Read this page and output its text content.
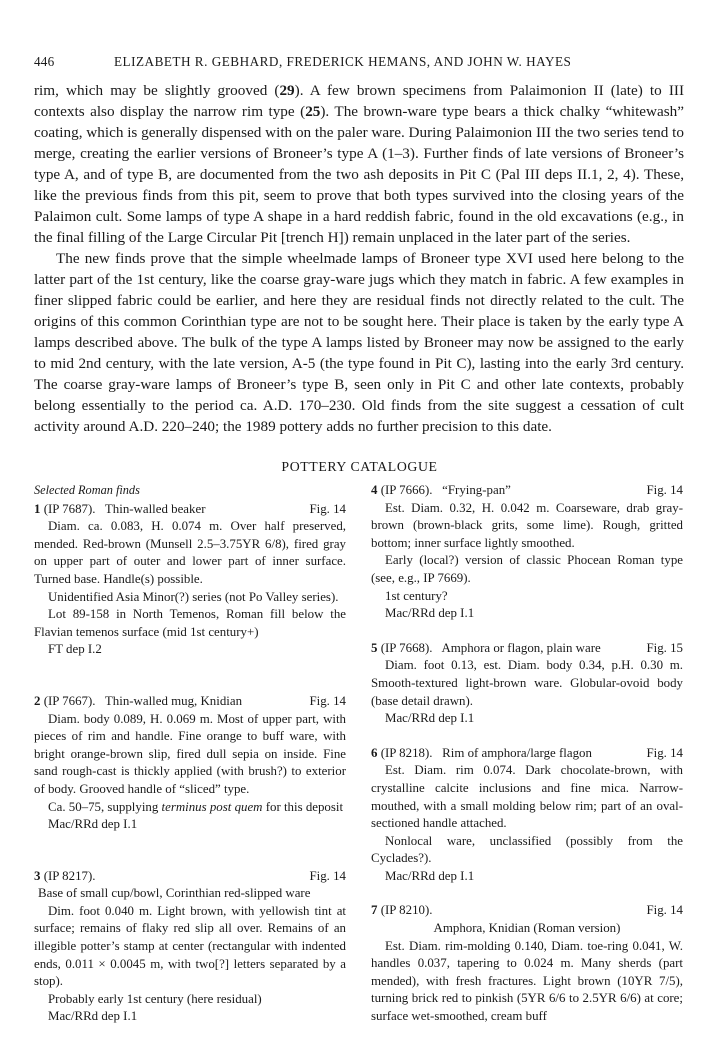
446	ELIZABETH R. GEBHARD, FREDERICK HEMANS, AND JOHN W. HAYES

rim, which may be slightly grooved (29). A few brown specimens from Palaimonion II (late) to III contexts also display the narrow rim type (25). The brown-ware type bears a thick chalky “whitewash” coating, which is generally dispensed with on the paler ware. During Palaimonion III the two series tend to merge, creating the earlier versions of Broneer’s type A (1–3). Further finds of late versions of Broneer’s type A, and of type B, are documented from the two ash deposits in Pit C (Pal III deps II.1, 2, 4). These, like the previous finds from this pit, seem to prove that both types survived into the closing years of the Palaimon cult. Some lamps of type A shape in a hard reddish fabric, found in the old excavations (e.g., in the final filling of the Large Circular Pit [trench H]) remain unplaced in the later part of the series.

The new finds prove that the simple wheelmade lamps of Broneer type XVI used here belong to the latter part of the 1st century, like the coarse gray-ware jugs which they match in fabric. A few examples in finer slipped fabric could be earlier, and here they are residual finds not directly related to the cult. The origins of this common Corinthian type are not to be sought here. Their place is taken by the early type A lamps described above. The bulk of the type A lamps listed by Broneer may now be assigned to the early to mid 2nd century, with the late version, A-5 (the type found in Pit C), lasting into the early 3rd century. The coarse gray-ware lamps of Broneer’s type B, seen only in Pit C and other late contexts, probably belong essentially to the period ca. A.D. 170–230. Old finds from the site suggest a cessation of cult activity around A.D. 220–240; the 1989 pottery adds no further precision to this date.

POTTERY CATALOGUE
Selected Roman finds
1 (IP 7687).   Thin-walled beaker	Fig. 14

Diam. ca. 0.083, H. 0.074 m. Over half preserved, mended. Red-brown (Munsell 2.5–3.75YR 6/8), fired gray on upper part of outer and lower part of inner surface. Turned base. Handle(s) possible.

Unidentified Asia Minor(?) series (not Po Valley series).

Lot 89-158 in North Temenos, Roman fill below the Flavian temenos surface (mid 1st century+)

FT dep I.2

2 (IP 7667).   Thin-walled mug, Knidian	Fig. 14

Diam. body 0.089, H. 0.069 m. Most of upper part, with pieces of rim and handle. Fine orange to buff ware, with bright orange-brown slip, fired dull sepia on inside. Fine sand rough-cast is thickly applied (with brush?) to exterior of body. Grooved handle of “sliced” type.

Ca. 50–75, supplying terminus post quem for this deposit

Mac/RRd dep I.1

3 (IP 8217).	Fig. 14
Base of small cup/bowl, Corinthian red-slipped ware

Dim. foot 0.040 m. Light brown, with yellowish tint at surface; remains of flaky red slip all over. Remains of an illegible potter’s stamp at center (rectangular with indented ends, 0.011 × 0.0045 m, with two[?] letters separated by a stop).

Probably early 1st century (here residual)

Mac/RRd dep I.1

4 (IP 7666).   “Frying-pan”	Fig. 14

Est. Diam. 0.32, H. 0.042 m. Coarseware, drab gray-brown (brown-black grits, some lime). Rough, gritted bottom; inner surface lightly smoothed.

Early (local?) version of classic Phocean Roman type (see, e.g., IP 7669).

1st century?

Mac/RRd dep I.1

5 (IP 7668).   Amphora or flagon, plain ware	Fig. 15

Diam. foot 0.13, est. Diam. body 0.34, p.H. 0.30 m. Smooth-textured light-brown ware. Globular-ovoid body (base detail drawn).

Mac/RRd dep I.1

6 (IP 8218).   Rim of amphora/large flagon	Fig. 14

Est. Diam. rim 0.074. Dark chocolate-brown, with crystalline calcite inclusions and fine mica. Narrow-mouthed, with a small molding below rim; part of an oval-sectioned handle attached.

Nonlocal ware, unclassified (possibly from the Cyclades?).

Mac/RRd dep I.1

7 (IP 8210).	Fig. 14
Amphora, Knidian (Roman version)

Est. Diam. rim-molding 0.140, Diam. toe-ring 0.041, W. handles 0.037, tapering to 0.024 m. Many sherds (part mended), with fresh fractures. Light brown (10YR 7/5), turning brick red to pinkish (5YR 6/6 to 2.5YR 6/6) at core; surface wet-smoothed, cream buff
